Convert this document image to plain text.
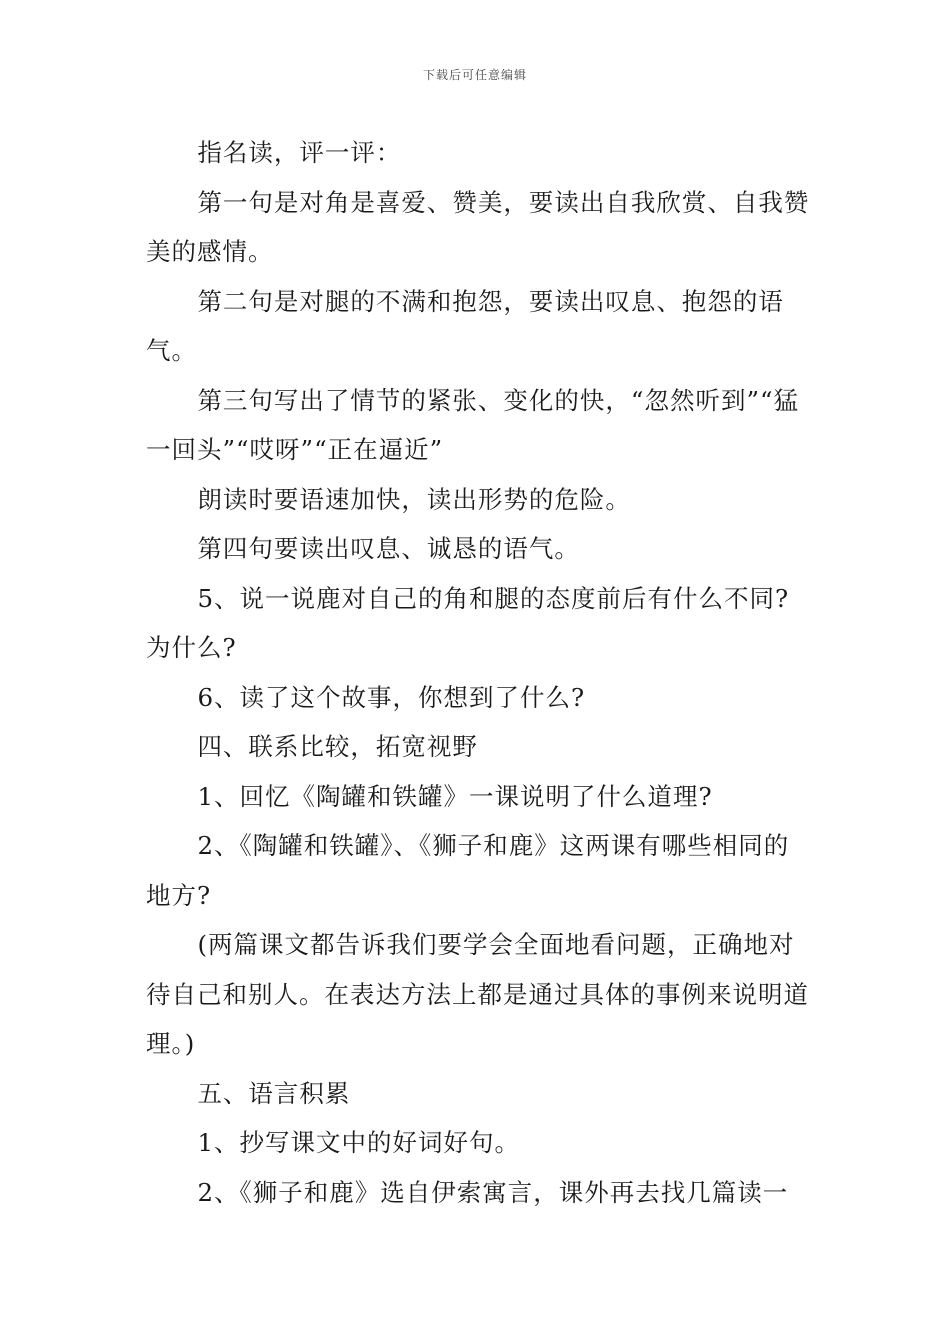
下载后可任意编辑

指名读，评一评：

第一句是对角是喜爱、赞美，要读出自我欣赏、自我赞美的感情。

第二句是对腿的不满和抱怨，要读出叹息、抱怨的语气。

第三句写出了情节的紧张、变化的快，“忽然听到”“猛一回头”“哎呀”“正在逼近”

朗读时要语速加快，读出形势的危险。

第四句要读出叹息、诚恳的语气。

5、说一说鹿对自己的角和腿的态度前后有什么不同?为什么?

6、读了这个故事，你想到了什么?

四、联系比较，拓宽视野

1、回忆《陶罐和铁罐》一课说明了什么道理?

2、《陶罐和铁罐》、《狮子和鹿》这两课有哪些相同的地方?

(两篇课文都告诉我们要学会全面地看问题，正确地对待自己和别人。在表达方法上都是通过具体的事例来说明道理。)

五、语言积累

1、抄写课文中的好词好句。

2、《狮子和鹿》选自伊索寓言，课外再去找几篇读一
